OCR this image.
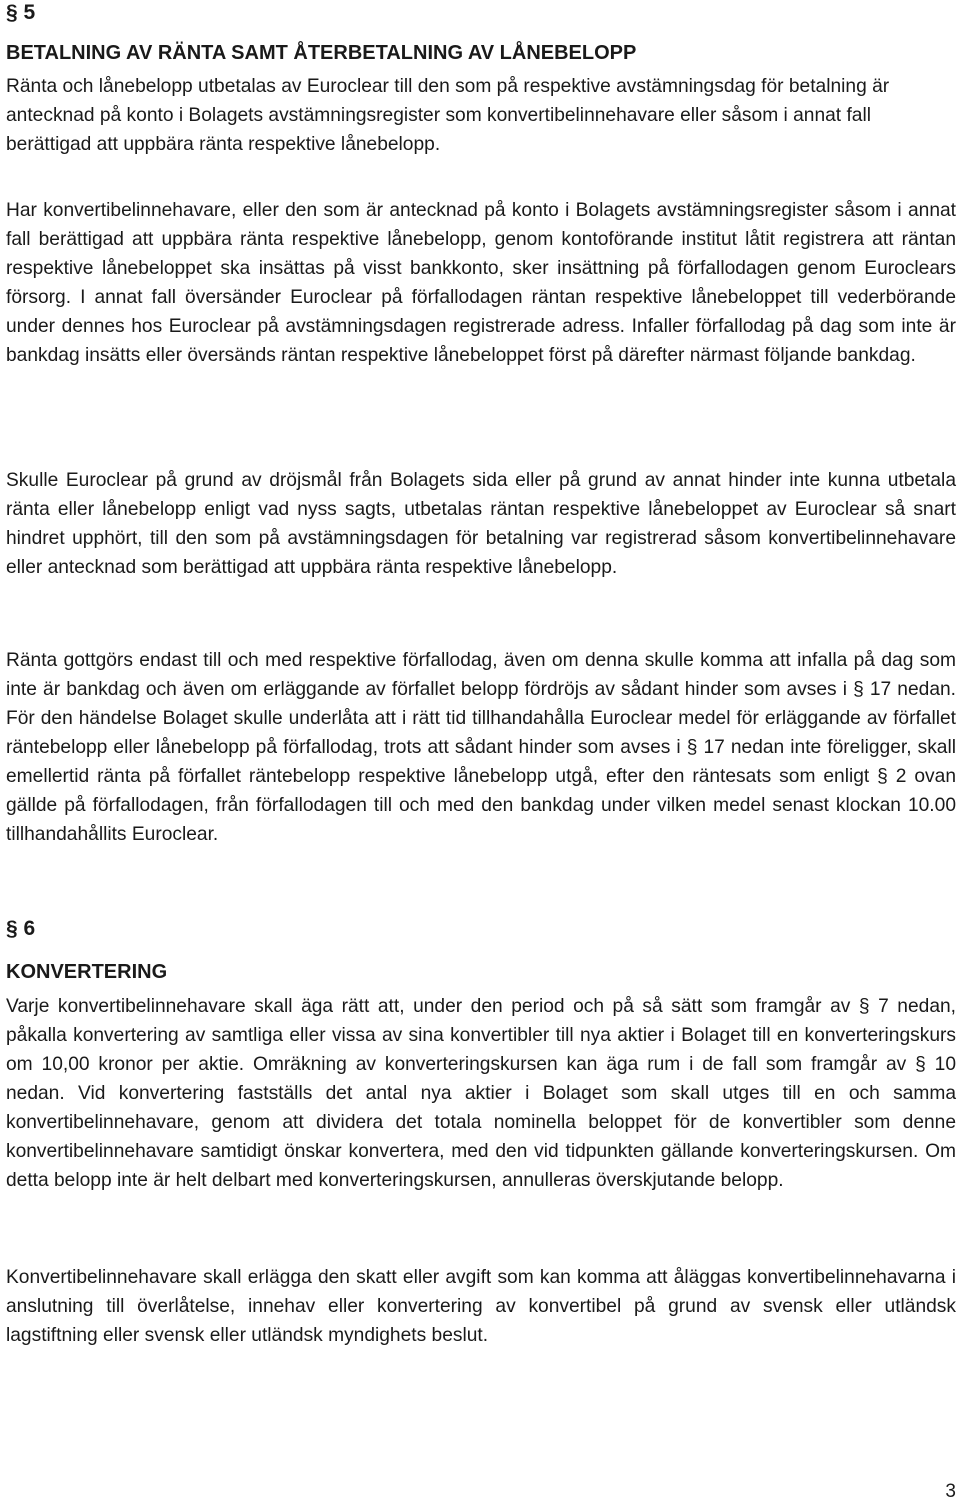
§ 5
BETALNING AV RÄNTA SAMT ÅTERBETALNING AV LÅNEBELOPP

Ränta och lånebelopp utbetalas av Euroclear till den som på respektive avstämningsdag för betalning är antecknad på konto i Bolagets avstämningsregister som konvertibelinnehavare eller såsom i annat fall berättigad att uppbära ränta respektive lånebelopp.

Har konvertibelinnehavare, eller den som är antecknad på konto i Bolagets avstämningsregister såsom i annat fall berättigad att uppbära ränta respektive lånebelopp, genom kontoförande institut låtit registrera att räntan respektive lånebeloppet ska insättas på visst bankkonto, sker insättning på förfallodagen genom Euroclears försorg. I annat fall översänder Euroclear på förfallodagen räntan respektive lånebeloppet till vederbörande under dennes hos Euroclear på avstämningsdagen registrerade adress. Infaller förfallodag på dag som inte är bankdag insätts eller översänds räntan respektive lånebeloppet först på därefter närmast följande bankdag.

Skulle Euroclear på grund av dröjsmål från Bolagets sida eller på grund av annat hinder inte kunna utbetala ränta eller lånebelopp enligt vad nyss sagts, utbetalas räntan respektive lånebeloppet av Euroclear så snart hindret upphört, till den som på avstämningsdagen för betalning var registrerad såsom konvertibelinnehavare eller antecknad som berättigad att uppbära ränta respektive lånebelopp.

Ränta gottgörs endast till och med respektive förfallodag, även om denna skulle komma att infalla på dag som inte är bankdag och även om erläggande av förfallet belopp fördröjs av sådant hinder som avses i § 17 nedan. För den händelse Bolaget skulle underlåta att i rätt tid tillhandahålla Euroclear medel för erläggande av förfallet räntebelopp eller lånebelopp på förfallodag, trots att sådant hinder som avses i § 17 nedan inte föreligger, skall emellertid ränta på förfallet räntebelopp respektive lånebelopp utgå, efter den räntesats som enligt § 2 ovan gällde på förfallodagen, från förfallodagen till och med den bankdag under vilken medel senast klockan 10.00 tillhandahållits Euroclear.

§ 6
KONVERTERING

Varje konvertibelinnehavare skall äga rätt att, under den period och på så sätt som framgår av § 7 nedan, påkalla konvertering av samtliga eller vissa av sina konvertibler till nya aktier i Bolaget till en konverteringskurs om 10,00 kronor per aktie. Omräkning av konverteringskursen kan äga rum i de fall som framgår av § 10 nedan. Vid konvertering fastställs det antal nya aktier i Bolaget som skall utges till en och samma konvertibelinnehavare, genom att dividera det totala nominella beloppet för de konvertibler som denne konvertibelinnehavare samtidigt önskar konvertera, med den vid tidpunkten gällande konverteringskursen. Om detta belopp inte är helt delbart med konverteringskursen, annulleras överskjutande belopp.

Konvertibelinnehavare skall erlägga den skatt eller avgift som kan komma att åläggas konvertibelinnehavarna i anslutning till överlåtelse, innehav eller konvertering av konvertibel på grund av svensk eller utländsk lagstiftning eller svensk eller utländsk myndighets beslut.

3
